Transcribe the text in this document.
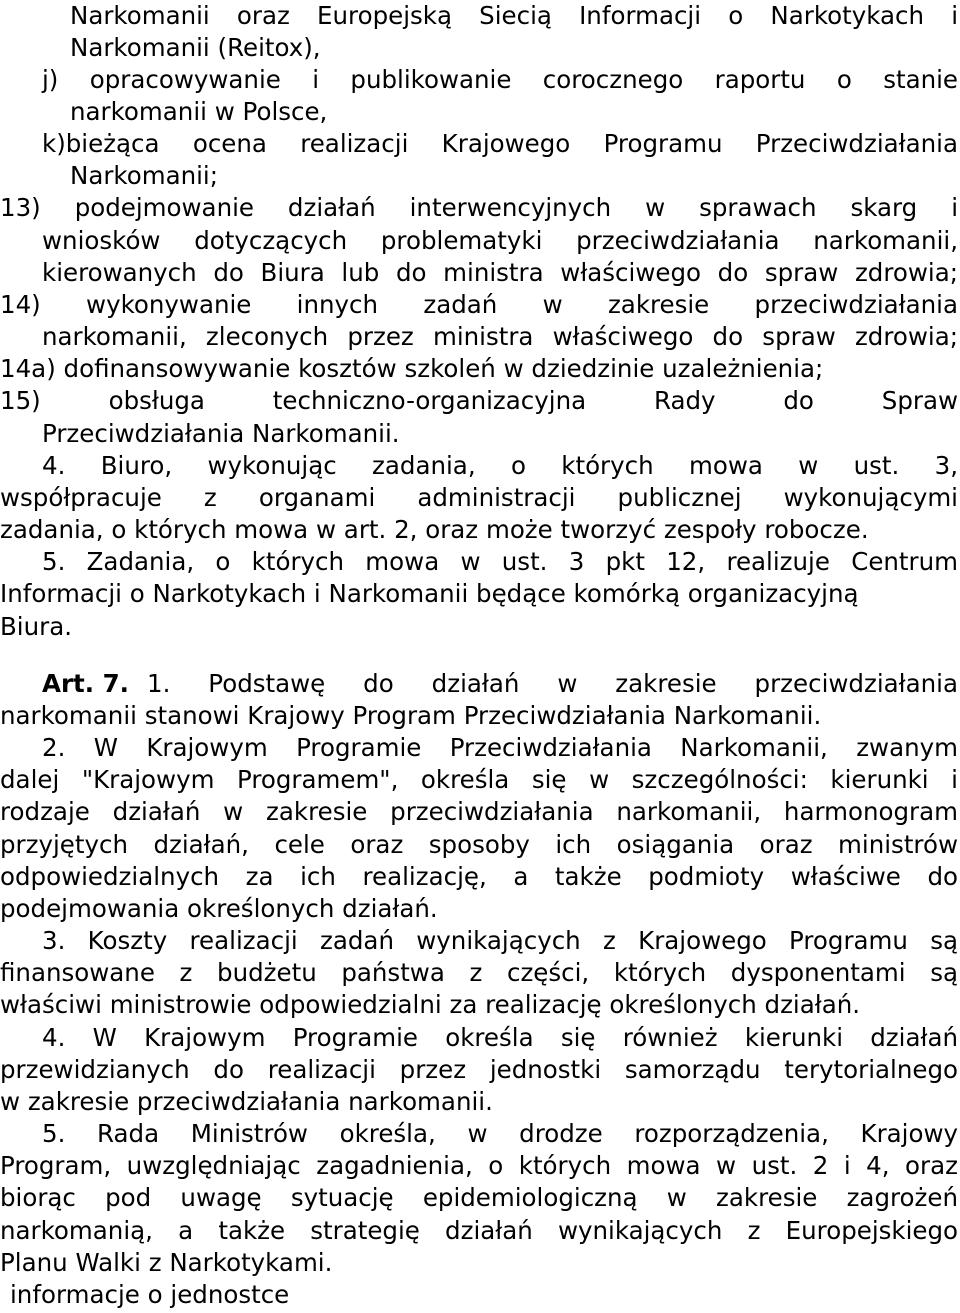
Narkomanii oraz Europejską Siecią Informacji o Narkotykach i
Narkomanii (Reitox),
j) opracowywanie i publikowanie corocznego raportu o stanie
narkomanii w Polsce,
k)bieżąca ocena realizacji Krajowego Programu Przeciwdziałania
Narkomanii;
13) podejmowanie działań interwencyjnych w sprawach skarg i
wniosków dotyczących problematyki przeciwdziałania narkomanii,
kierowanych do Biura lub do ministra właściwego do spraw zdrowia;
14) wykonywanie innych zadań w zakresie przeciwdziałania
narkomanii, zleconych przez ministra właściwego do spraw zdrowia;
14a) dofinansowywanie kosztów szkoleń w dziedzinie uzależnienia;
15) obsługa techniczno-organizacyjna Rady do Spraw
Przeciwdziałania Narkomanii.
4. Biuro, wykonując zadania, o których mowa w ust. 3,
współpracuje z organami administracji publicznej wykonującymi
zadania, o których mowa w art. 2, oraz może tworzyć zespoły robocze.
5. Zadania, o których mowa w ust. 3 pkt 12, realizuje Centrum
Informacji o Narkotykach i Narkomanii będące komórką organizacyjną
Biura.
Art. 7. 1. Podstawę do działań w zakresie przeciwdziałania
narkomanii stanowi Krajowy Program Przeciwdziałania Narkomanii.
2. W Krajowym Programie Przeciwdziałania Narkomanii, zwanym
dalej "Krajowym Programem", określa się w szczególności: kierunki i
rodzaje działań w zakresie przeciwdziałania narkomanii, harmonogram
przyjętych działań, cele oraz sposoby ich osiągania oraz ministrów
odpowiedzialnych za ich realizację, a także podmioty właściwe do
podejmowania określonych działań.
3. Koszty realizacji zadań wynikających z Krajowego Programu są
finansowane z budżetu państwa z części, których dysponentami są
właściwi ministrowie odpowiedzialni za realizację określonych działań.
4. W Krajowym Programie określa się również kierunki działań
przewidzianych do realizacji przez jednostki samorządu terytorialnego
w zakresie przeciwdziałania narkomanii.
5. Rada Ministrów określa, w drodze rozporządzenia, Krajowy
Program, uwzględniając zagadnienia, o których mowa w ust. 2 i 4, oraz
biorąc pod uwagę sytuację epidemiologiczną w zakresie zagrożeń
narkomanią, a także strategię działań wynikających z Europejskiego
Planu Walki z Narkotykami.
informacje o jednostce
